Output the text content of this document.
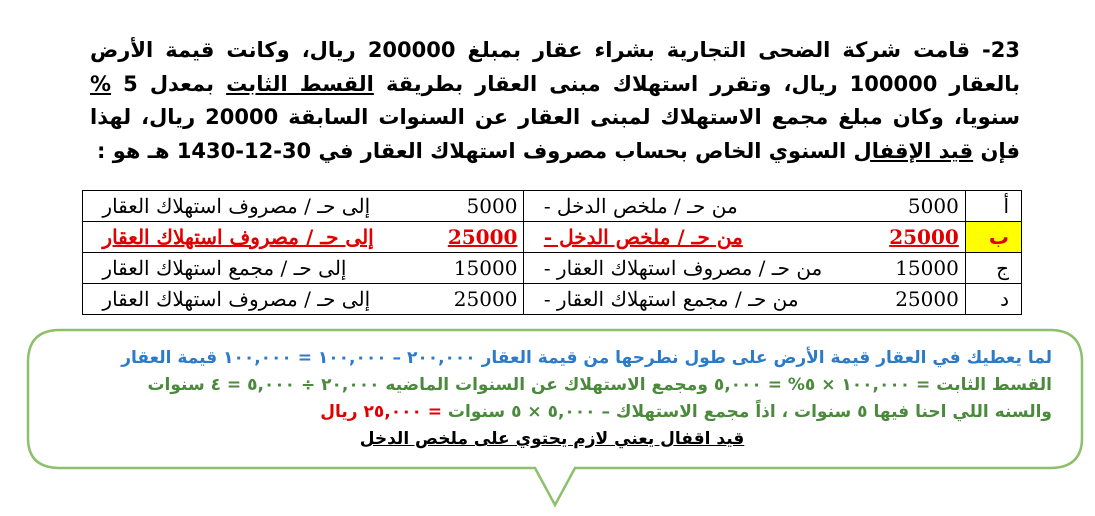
23- قامت شركة الضحى التجارية بشراء عقار بمبلغ 200000 ريال، وكانت قيمة الأرض بالعقار 100000 ريال، وتقرر استهلاك مبنى العقار بطريقة القسط الثابت بمعدل 5 % سنويا، وكان مبلغ مجمع الاستهلاك لمبنى العقار عن السنوات السابقة 20000 ريال، لهذا فإن قيد الإقفال السنوي الخاص بحساب مصروف استهلاك العقار في 30-12-1430 هـ هو :
أ	5000من حـ / ملخص الدخل -	5000إلى حـ / مصروف استهلاك العقار
ب	25000من حـ / ملخص الدخل -	25000إلى حـ / مصروف استهلاك العقار
ج	15000من حـ / مصروف استهلاك العقار -	15000إلى حـ / مجمع استهلاك العقار
د	25000من حـ / مجمع استهلاك العقار -	25000إلى حـ / مصروف استهلاك العقار
لما يعطيك في العقار قيمة الأرض على طول نطرحها من قيمة العقار ٢٠٠,٠٠٠ – ١٠٠,٠٠٠ = ١٠٠,٠٠٠ قيمة العقار
القسط الثابت = ١٠٠,٠٠٠ × ٥% = ٥,٠٠٠ ومجمع الاستهلاك عن السنوات الماضيه ٢٠,٠٠٠ ÷ ٥,٠٠٠ = ٤ سنوات
والسنه اللي احنا فيها ٥ سنوات ، اذاً مجمع الاستهلاك – ٥,٠٠٠ × ٥ سنوات = ٢٥,٠٠٠ ريال
قيد اقفال يعني لازم يحتوي على ملخص الدخل
